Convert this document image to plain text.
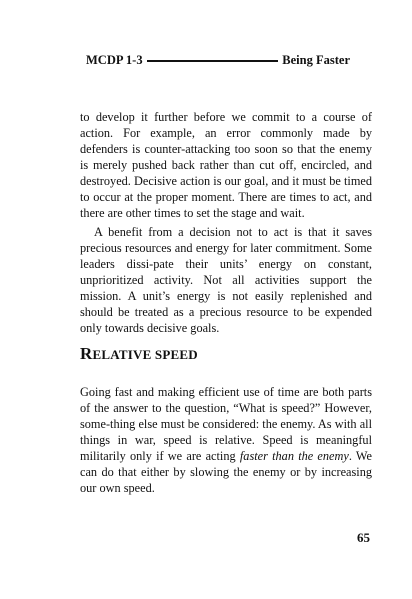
MCDP 1-3	Being Faster

to develop it further before we commit to a course of action. For example, an error commonly made by defenders is counter-attacking too soon so that the enemy is merely pushed back rather than cut off, encircled, and destroyed. Decisive action is our goal, and it must be timed to occur at the proper moment. There are times to act, and there are other times to set the stage and wait.

A benefit from a decision not to act is that it saves precious resources and energy for later commitment. Some leaders dissi-pate their units’ energy on constant, unprioritized activity. Not all activities support the mission. A unit’s energy is not easily replenished and should be treated as a precious resource to be expended only towards decisive goals.

RELATIVE SPEED

Going fast and making efficient use of time are both parts of the answer to the question, “What is speed?” However, some-thing else must be considered: the enemy. As with all things in war, speed is relative. Speed is meaningful militarily only if we are acting faster than the enemy. We can do that either by slowing the enemy or by increasing our own speed.

65
